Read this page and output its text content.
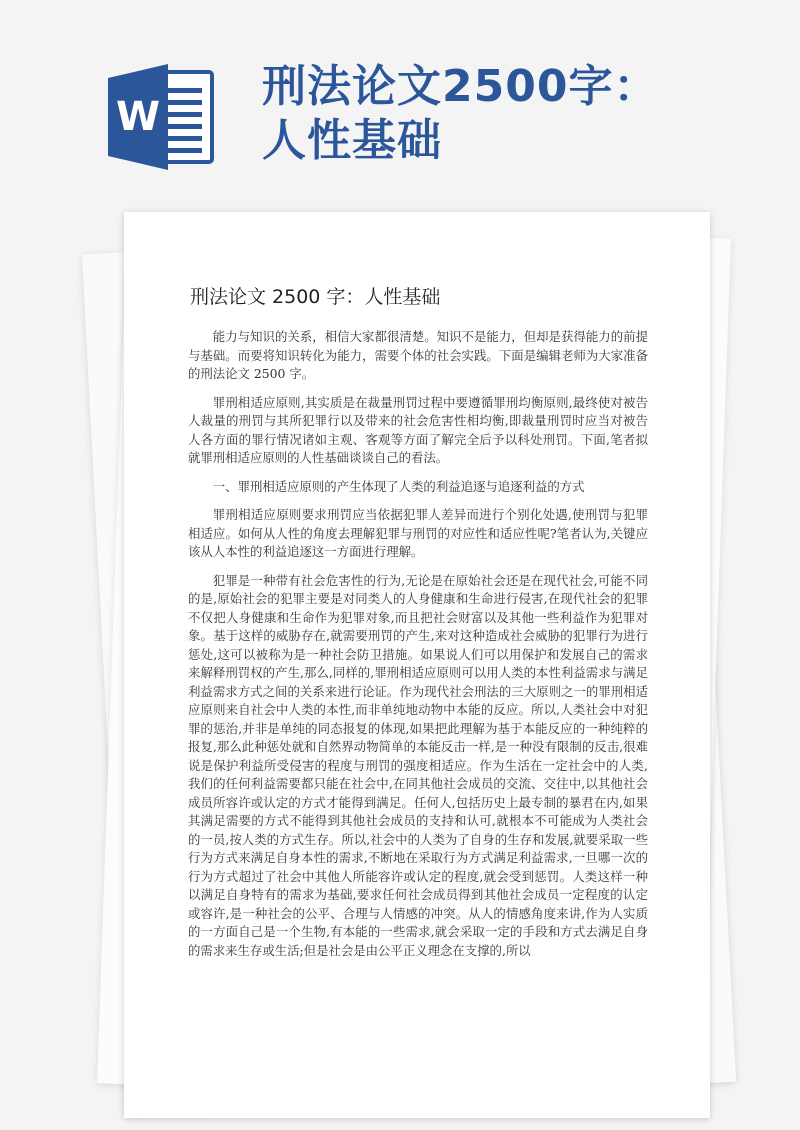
W
刑法论文2500字：
人性基础
刑法论文 2500 字：人性基础

能力与知识的关系，相信大家都很清楚。知识不是能力，但却是获得能力的前提与基础。而要将知识转化为能力，需要个体的社会实践。下面是编辑老师为大家准备的刑法论文 2500 字。

罪刑相适应原则,其实质是在裁量刑罚过程中要遵循罪刑均衡原则,最终使对被告人裁量的刑罚与其所犯罪行以及带来的社会危害性相均衡,即裁量刑罚时应当对被告人各方面的罪行情况诸如主观、客观等方面了解完全后予以科处刑罚。下面,笔者拟就罪刑相适应原则的人性基础谈谈自己的看法。

一、罪刑相适应原则的产生体现了人类的利益追逐与追逐利益的方式

罪刑相适应原则要求刑罚应当依据犯罪人差异而进行个别化处遇,使刑罚与犯罪相适应。如何从人性的角度去理解犯罪与刑罚的对应性和适应性呢?笔者认为,关键应该从人本性的利益追逐这一方面进行理解。

犯罪是一种带有社会危害性的行为,无论是在原始社会还是在现代社会,可能不同的是,原始社会的犯罪主要是对同类人的人身健康和生命进行侵害,在现代社会的犯罪不仅把人身健康和生命作为犯罪对象,而且把社会财富以及其他一些利益作为犯罪对象。基于这样的威胁存在,就需要刑罚的产生,来对这种造成社会威胁的犯罪行为进行惩处,这可以被称为是一种社会防卫措施。如果说人们可以用保护和发展自己的需求来解释刑罚权的产生,那么,同样的,罪刑相适应原则可以用人类的本性利益需求与满足利益需求方式之间的关系来进行论证。作为现代社会刑法的三大原则之一的罪刑相适应原则来自社会中人类的本性,而非单纯地动物中本能的反应。所以,人类社会中对犯罪的惩治,并非是单纯的同态报复的体现,如果把此理解为基于本能反应的一种纯粹的报复,那么此种惩处就和自然界动物简单的本能反击一样,是一种没有限制的反击,很难说是保护利益所受侵害的程度与刑罚的强度相适应。作为生活在一定社会中的人类,我们的任何利益需要都只能在社会中,在同其他社会成员的交流、交往中,以其他社会成员所容许或认定的方式才能得到满足。任何人,包括历史上最专制的暴君在内,如果其满足需要的方式不能得到其他社会成员的支持和认可,就根本不可能成为人类社会的一员,按人类的方式生存。所以,社会中的人类为了自身的生存和发展,就要采取一些行为方式来满足自身本性的需求,不断地在采取行为方式满足利益需求,一旦哪一次的行为方式超过了社会中其他人所能容许或认定的程度,就会受到惩罚。人类这样一种以满足自身特有的需求为基础,要求任何社会成员得到其他社会成员一定程度的认定或容许,是一种社会的公平、合理与人情感的冲突。从人的情感角度来讲,作为人实质的一方面自己是一个生物,有本能的一些需求,就会采取一定的手段和方式去满足自身的需求来生存或生活;但是社会是由公平正义理念在支撑的,所以
